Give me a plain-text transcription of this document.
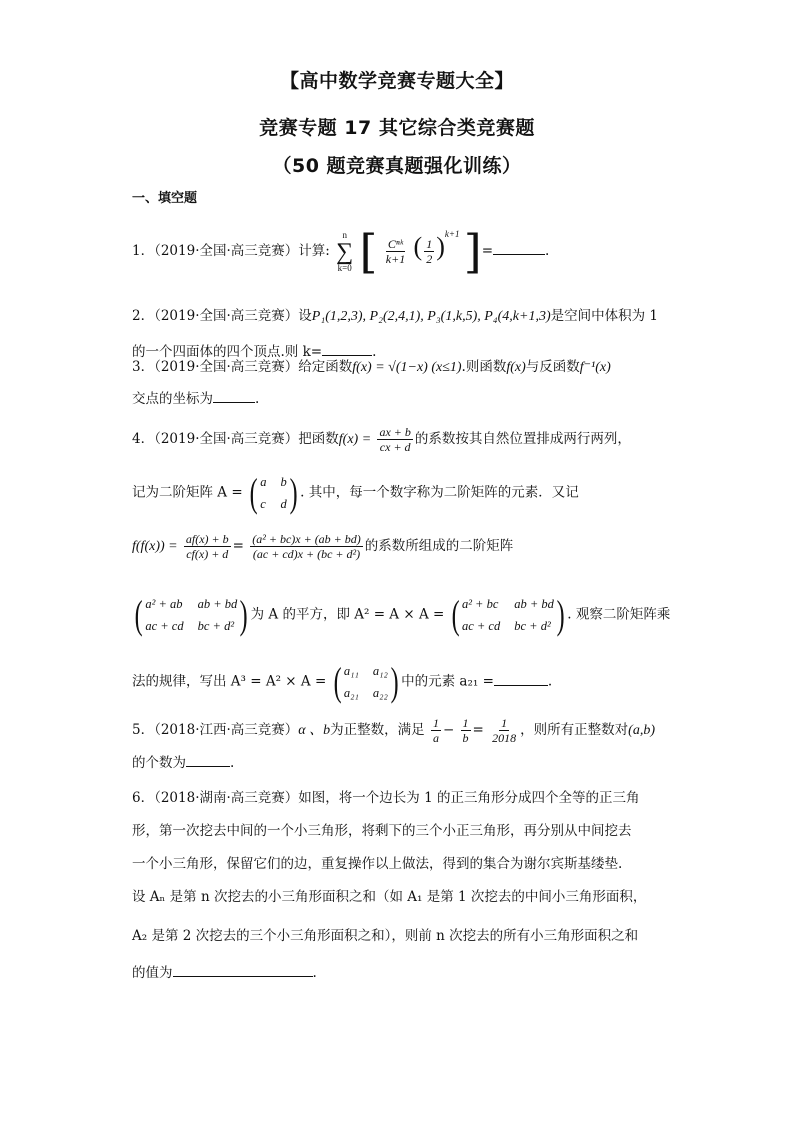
【高中数学竞赛专题大全】
竞赛专题 17 其它综合类竞赛题
（50 题竞赛真题强化训练）
一、填空题
1．（2019·全国·高三竞赛）计算:
n
∑
k=0 [ $\frac{\text{Cⁿᵏ}}{k+1}$ ( $\frac{1}{2} )^{k+1}$ ]=	.
2．（2019·全国·高三竞赛）设P₁(1,2,3), P₂(2,4,1), P₃(1,k,5), P₄(4,k+1,3)是空间中体积为 1
的一个四面体的四个顶点.则 k=	.
3．（2019·全国·高三竞赛）给定函数f(x) = √(1−x) (x≤1).则函数f(x)与反函数f⁻¹(x)
交点的坐标为	.
4．（2019·全国·高三竞赛）把函数$f(x) = \frac{ax + b}{cx + d}$ 的系数按其自然位置排成两行两列，
记为二阶矩阵 A = ( a b
c d ) . 其中，每一个数字称为二阶矩阵的元素．又记
$f(f(x)) = \frac{af(x) + b}{cf(x) + d} = \frac{\text{(a² + bc)x + (ab + bd)}}{\text{(ac + cd)x + (bc + d²)}}$ 的系数所组成的二阶矩阵
( a² + ab ab + bd
ac + cd bc + d² ) 为 A 的平方，即 A² = A × A = ( a² + bc ab + bd
ac + cd bc + d² ) . 观察二阶矩阵乘
法的规律，写出 A³ = A² × A = ( a₁₁ a₁₂
a₂₁ a₂₂ ) 中的元素 a₂₁ =	.
5．（2018·江西·高三竞赛）α 、b为正整数，满足 $\frac{1}{a} - \frac{1}{b} = \frac{1}{2018}$ ，则所有正整数对(a,b)
的个数为	.
6．（2018·湖南·高三竞赛）如图，将一个边长为 1 的正三角形分成四个全等的正三角
形，第一次挖去中间的一个小三角形，将剩下的三个小正三角形，再分别从中间挖去
一个小三角形，保留它们的边，重复操作以上做法，得到的集合为谢尔宾斯基缕垫.
设 Aₙ 是第 n 次挖去的小三角形面积之和（如 A₁ 是第 1 次挖去的中间小三角形面积，
A₂ 是第 2 次挖去的三个小三角形面积之和），则前 n 次挖去的所有小三角形面积之和
的值为	.
